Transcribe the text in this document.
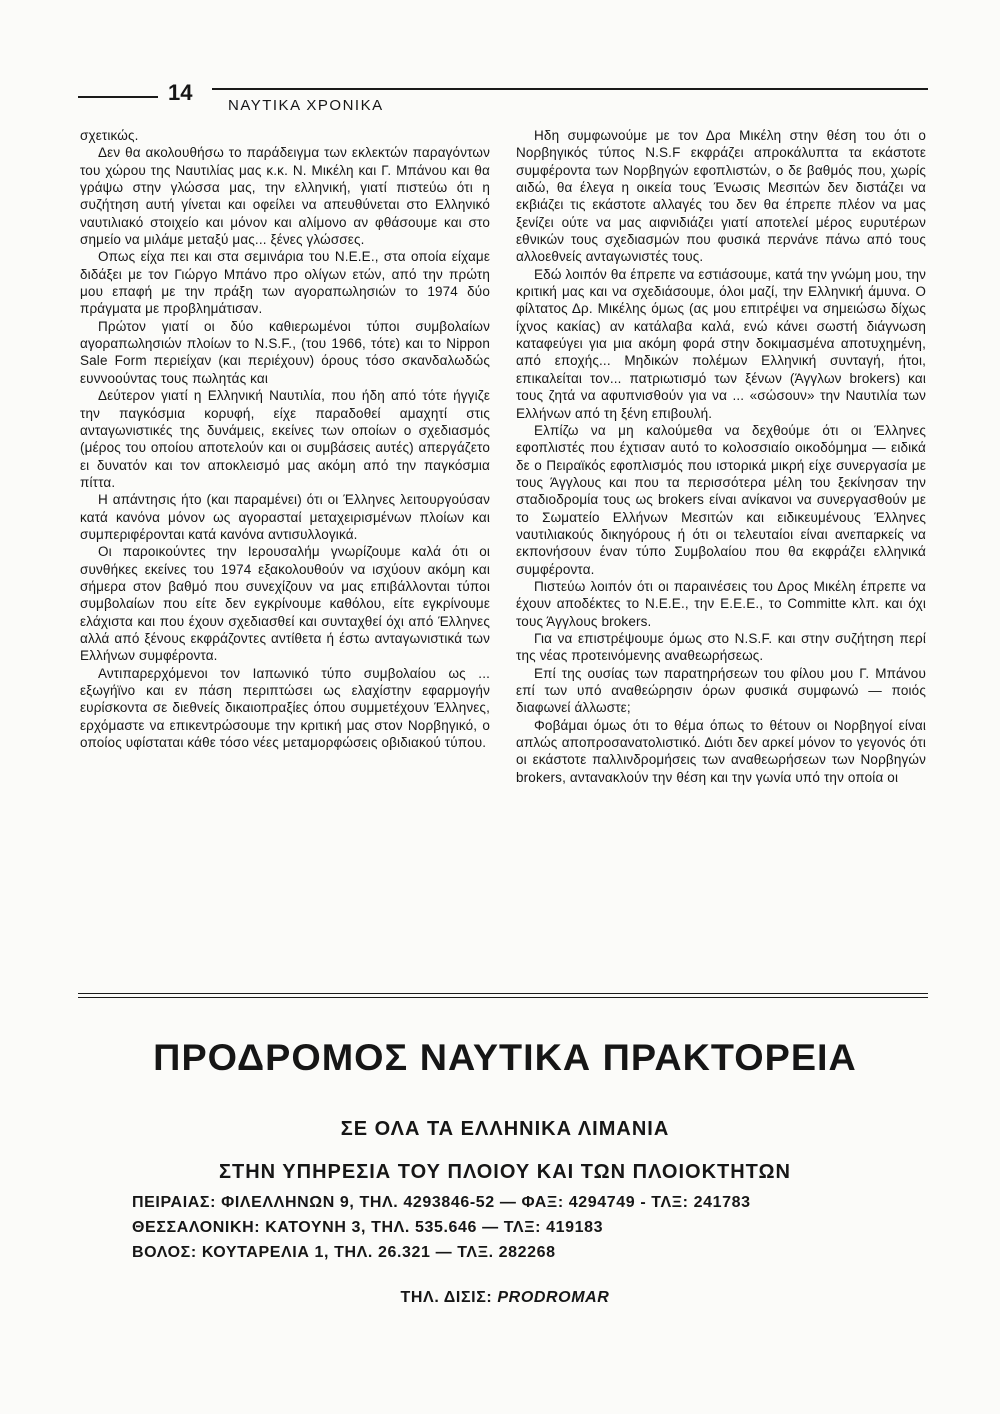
14
ΝΑΥΤΙΚΑ ΧΡΟΝΙΚΑ

σχετικώς.

Δεν θα ακολουθήσω το παράδειγμα των εκλεκτών παραγόντων του χώρου της Ναυτιλίας μας κ.κ. Ν. Μικέλη και Γ. Μπάνου και θα γράψω στην γλώσσα μας, την ελληνική, γιατί πιστεύω ότι η συζήτηση αυτή γίνεται και οφείλει να απευθύνεται στο Ελληνικό ναυτιλιακό στοιχείο και μόνον και αλίμονο αν φθάσουμε και στο σημείο να μιλάμε μεταξύ μας... ξένες γλώσσες.

Οπως είχα πει και στα σεμινάρια του Ν.Ε.Ε., στα οποία είχαμε διδάξει με τον Γιώργο Μπάνο προ ολίγων ετών, από την πρώτη μου επαφή με την πράξη των αγοραπωλησιών το 1974 δύο πράγματα με προβλημάτισαν.

Πρώτον γιατί οι δύο καθιερωμένοι τύποι συμβολαίων αγοραπωλησιών πλοίων το N.S.F., (του 1966, τότε) και το Nippon Sale Form περιείχαν (και περιέχουν) όρους τόσο σκανδαλωδώς ευννοούντας τους πωλητάς και

Δεύτερον γιατί η Ελληνική Ναυτιλία, που ήδη από τότε ήγγιζε την παγκόσμια κορυφή, είχε παραδοθεί αμαχητί στις ανταγωνιστικές της δυνάμεις, εκείνες των οποίων ο σχεδιασμός (μέρος του οποίου αποτελούν και οι συμβάσεις αυτές) απεργάζετο ει δυνατόν και τον αποκλεισμό μας ακόμη από την παγκόσμια πίττα.

Η απάντησις ήτο (και παραμένει) ότι οι Έλληνες λειτουργούσαν κατά κανόνα μόνον ως αγορασταί μεταχειρισμένων πλοίων και συμπεριφέρονται κατά κανόνα αντισυλλογικά.

Οι παροικούντες την Ιερουσαλήμ γνωρίζουμε καλά ότι οι συνθήκες εκείνες του 1974 εξακολουθούν να ισχύουν ακόμη και σήμερα στον βαθμό που συνεχίζουν να μας επιβάλλονται τύποι συμβολαίων που είτε δεν εγκρίνουμε καθόλου, είτε εγκρίνουμε ελάχιστα και που έχουν σχεδιασθεί και συνταχθεί όχι από Έλληνες αλλά από ξένους εκφράζοντες αντίθετα ή έστω ανταγωνιστικά των Ελλήνων συμφέροντα.

Αντιπαρερχόμενοι τον Ιαπωνικό τύπο συμβολαίου ως ... εξωγήϊνο και εν πάση περιπτώσει ως ελαχίστην εφαρμογήν ευρίσκοντα σε διεθνείς δικαιοπραξίες όπου συμμετέχουν Έλληνες, ερχόμαστε να επικεντρώσουμε την κριτική μας στον Νορβηγικό, ο οποίος υφίσταται κάθε τόσο νέες μεταμορφώσεις οβιδιακού τύπου.

Ηδη συμφωνούμε με τον Δρα Μικέλη στην θέση του ότι ο Νορβηγικός τύπος N.S.F εκφράζει απροκάλυπτα τα εκάστοτε συμφέροντα των Νορβηγών εφοπλιστών, ο δε βαθμός που, χωρίς αιδώ, θα έλεγα η οικεία τους Ένωσις Μεσιτών δεν διστάζει να εκβιάζει τις εκάστοτε αλλαγές του δεν θα έπρεπε πλέον να μας ξενίζει ούτε να μας αιφνιδιάζει γιατί αποτελεί μέρος ευρυτέρων εθνικών τους σχεδιασμών που φυσικά περνάνε πάνω από τους αλλοεθνείς ανταγωνιστές τους.

Εδώ λοιπόν θα έπρεπε να εστιάσουμε, κατά την γνώμη μου, την κριτική μας και να σχεδιάσουμε, όλοι μαζί, την Ελληνική άμυνα. Ο φίλτατος Δρ. Μικέλης όμως (ας μου επιτρέψει να σημειώσω δίχως ίχνος κακίας) αν κατάλαβα καλά, ενώ κάνει σωστή διάγνωση καταφεύγει για μια ακόμη φορά στην δοκιμασμένα αποτυχημένη, από εποχής... Μηδικών πολέμων Ελληνική συνταγή, ήτοι, επικαλείται τον... πατριωτισμό των ξένων (Άγγλων brokers) και τους ζητά να αφυπνισθούν για να ... «σώσουν» την Ναυτιλία των Ελλήνων από τη ξένη επιβουλή.

Ελπίζω να μη καλούμεθα να δεχθούμε ότι οι Έλληνες εφοπλιστές που έχτισαν αυτό το κολοσσιαίο οικοδόμημα — ειδικά δε ο Πειραϊκός εφοπλισμός που ιστορικά μικρή είχε συνεργασία με τους Άγγλους και που τα περισσότερα μέλη του ξεκίνησαν την σταδιοδρομία τους ως brokers είναι ανίκανοι να συνεργασθούν με το Σωματείο Ελλήνων Μεσιτών και ειδικευμένους Έλληνες ναυτιλιακούς δικηγόρους ή ότι οι τελευταίοι είναι ανεπαρκείς να εκπονήσουν έναν τύπο Συμβολαίου που θα εκφράζει ελληνικά συμφέροντα.

Πιστεύω λοιπόν ότι οι παραινέσεις του Δρος Μικέλη έπρεπε να έχουν αποδέκτες το Ν.Ε.Ε., την Ε.Ε.Ε., το Committe κλπ. και όχι τους Άγγλους brokers.

Για να επιστρέψουμε όμως στο N.S.F. και στην συζήτηση περί της νέας προτεινόμενης αναθεωρήσεως.

Επί της ουσίας των παρατηρήσεων του φίλου μου Γ. Μπάνου επί των υπό αναθεώρησιν όρων φυσικά συμφωνώ — ποιός διαφωνεί άλλωστε;

Φοβάμαι όμως ότι το θέμα όπως το θέτουν οι Νορβηγοί είναι απλώς αποπροσανατολιστικό. Διότι δεν αρκεί μόνον το γεγονός ότι οι εκάστοτε παλλινδρομήσεις των αναθεωρήσεων των Νορβηγών brokers, αντανακλούν την θέση και την γωνία υπό την οποία οι

ΠΡΟΔΡΟΜΟΣ ΝΑΥΤΙΚΑ ΠΡΑΚΤΟΡΕΙΑ
ΣΕ ΟΛΑ ΤΑ ΕΛΛΗΝΙΚΑ ΛΙΜΑΝΙΑ
ΣΤΗΝ ΥΠΗΡΕΣΙΑ ΤΟΥ ΠΛΟΙΟΥ ΚΑΙ ΤΩΝ ΠΛΟΙΟΚΤΗΤΩΝ
ΠΕΙΡΑΙΑΣ: ΦΙΛΕΛΛΗΝΩΝ 9, ΤΗΛ. 4293846-52 — ΦΑΞ: 4294749 - ΤΛΞ: 241783
ΘΕΣΣΑΛΟΝΙΚΗ: ΚΑΤΟΥΝΗ 3, ΤΗΛ. 535.646 — ΤΛΞ: 419183
ΒΟΛΟΣ: ΚΟΥΤΑΡΕΛΙΑ 1, ΤΗΛ. 26.321 — ΤΛΞ. 282268
ΤΗΛ. ΔΙΣΙΣ: PRODROMAR
